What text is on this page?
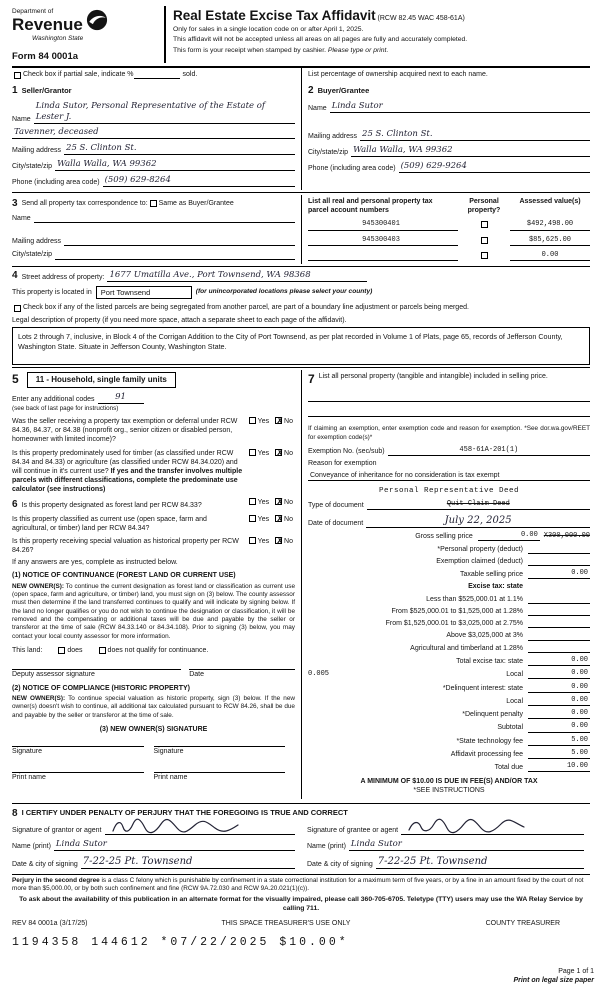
Department of
Revenue
Washington State
Form 84 0001a
Real Estate Excise Tax Affidavit (RCW 82.45 WAC 458-61A)
Only for sales in a single location code on or after April 1, 2025.
This affidavit will not be accepted unless all areas on all pages are fully and accurately completed.
This form is your receipt when stamped by cashier. Please type or print.
Check box if partial sale, indicate %	sold.	List percentage of ownership acquired next to each name.
1 Seller/Grantor
Name
Linda Sutor, Personal Representative of the Estate of Lester J.
Tavenner, deceased
Mailing address 25 S. Clinton St.
City/state/zip Walla Walla, WA 99362
Phone (including area code) (509) 629-8264
2 Buyer/Grantee
Name Linda Sutor
Mailing address 25 S. Clinton St.
City/state/zip Walla Walla, WA 99362
Phone (including area code) (509) 629-9264
3 Send all property tax correspondence to: Same as Buyer/Grantee
Name
Mailing address
City/state/zip
List all real and personal property tax parcel account numbers
Personal property?
Assessed value(s)
945300401	$492,498.00
945300403	$85,625.00
0.00
4 Street address of property: 1677 Umatilla Ave., Port Townsend, WA 98368
This property is located in	Port Townsend	(for unincorporated locations please select your county)
Check box if any of the listed parcels are being segregated from another parcel, are part of a boundary line adjustment or parcels being merged.
Legal description of property (if you need more space, attach a separate sheet to each page of the affidavit).
Lots 2 through 7, inclusive, in Block 4 of the Corrigan Addition to the City of Port Townsend, as per plat recorded in Volume 1 of Plats, page 65, records of Jefferson County, Washington State. Situate in Jefferson County, Washington State.
5	11 - Household, single family units
Enter any additional codes	91
(see back of last page for instructions)
Was the seller receiving a property tax exemption or deferral under RCW 84.36, 84.37, or 84.38 (nonprofit org., senior citizen or disabled person, homeowner with limited income)?
Yes ✗No
Is this property predominately used for timber (as classified under RCW 84.34 and 84.33) or agriculture (as classified under RCW 84.34.020) and will continue in it's current use? If yes and the transfer involves multiple parcels with different classifications, complete the predominate use calculator (see instructions)
Yes ✗No
6 Is this property designated as forest land per RCW 84.33?	Yes ✗No
Is this property classified as current use (open space, farm and agricultural, or timber) land per RCW 84.34?
Yes ✗No
Is this property receiving special valuation as historical property per RCW 84.26?
Yes ✗No
If any answers are yes, complete as instructed below.
(1) NOTICE OF CONTINUANCE (FOREST LAND OR CURRENT USE)
NEW OWNER(S): To continue the current designation as forest land or classification as current use (open space, farm and agriculture, or timber) land, you must sign on (3) below. The county assessor must then determine if the land transferred continues to qualify and will indicate by signing below. If the land no longer qualifies or you do not wish to continue the designation or classification, it will be removed and the compensating or additional taxes will be due and payable by the seller or transferor at the time of sale (RCW 84.33.140 or 84.34.108). Prior to signing (3) below, you may contact your local county assessor for more information.
This land:	does	does not qualify for continuance.
Deputy assessor signature	Date
(2) NOTICE OF COMPLIANCE (HISTORIC PROPERTY)
NEW OWNER(S): To continue special valuation as historic property, sign (3) below. If the new owner(s) doesn't wish to continue, all additional tax calculated pursuant to RCW 84.26, shall be due and payable by the seller or transferor at the time of sale.
(3) NEW OWNER(S) SIGNATURE
Signature
Print name
Signature
Print name
7 List all personal property (tangible and intangible) included in selling price.
If claiming an exemption, enter exemption code and reason for exemption. *See dor.wa.gov/REET for exemption code(s)*
Exemption No. (sec/sub)	458-61A-201(1)
Reason for exemption
Conveyance of inheritance for no consideration is tax exempt
Personal Representative Deed
Type of document	Quit Claim Deed
Date of document	July 22, 2025
Gross selling price	0.00 X300,000.00
*Personal property (deduct)
Exemption claimed (deduct)
Taxable selling price	0.00
Excise tax: state
Less than $525,000.01 at 1.1%
From $525,000.01 to $1,525,000 at 1.28%
From $1,525,000.01 to $3,025,000 at 2.75%
Above $3,025,000 at 3%
Agricultural and timberland at 1.28%
Total excise tax: state	0.00
0.005	Local	0.00
*Delinquent interest: state	0.00
Local	0.00
*Delinquent penalty	0.00
Subtotal	0.00
*State technology fee	5.00
Affidavit processing fee	5.00
Total due	10.00
A MINIMUM OF $10.00 IS DUE IN FEE(S) AND/OR TAX
*SEE INSTRUCTIONS
8 I CERTIFY UNDER PENALTY OF PERJURY THAT THE FOREGOING IS TRUE AND CORRECT
Signature of grantor or agent
Name (print) Linda Sutor
Date & city of signing 7-22-25 Pt. Townsend
Signature of grantee or agent
Name (print) Linda Sutor
Date & city of signing 7-22-25 Pt. Townsend
Perjury in the second degree is a class C felony which is punishable by confinement in a state correctional institution for a maximum term of five years, or by a fine in an amount fixed by the court of not more than $5,000.00, or by both such confinement and fine (RCW 9A.72.030 and RCW 9A.20.021(1)(c)).
To ask about the availability of this publication in an alternate format for the visually impaired, please call 360-705-6705. Teletype (TTY) users may use the WA Relay Service by calling 711.
REV 84 0001a (3/17/25)	THIS SPACE TREASURER'S USE ONLY	COUNTY TREASURER
1194358 144612 *07/22/2025 $10.00*
Page 1 of 1
Print on legal size paper
